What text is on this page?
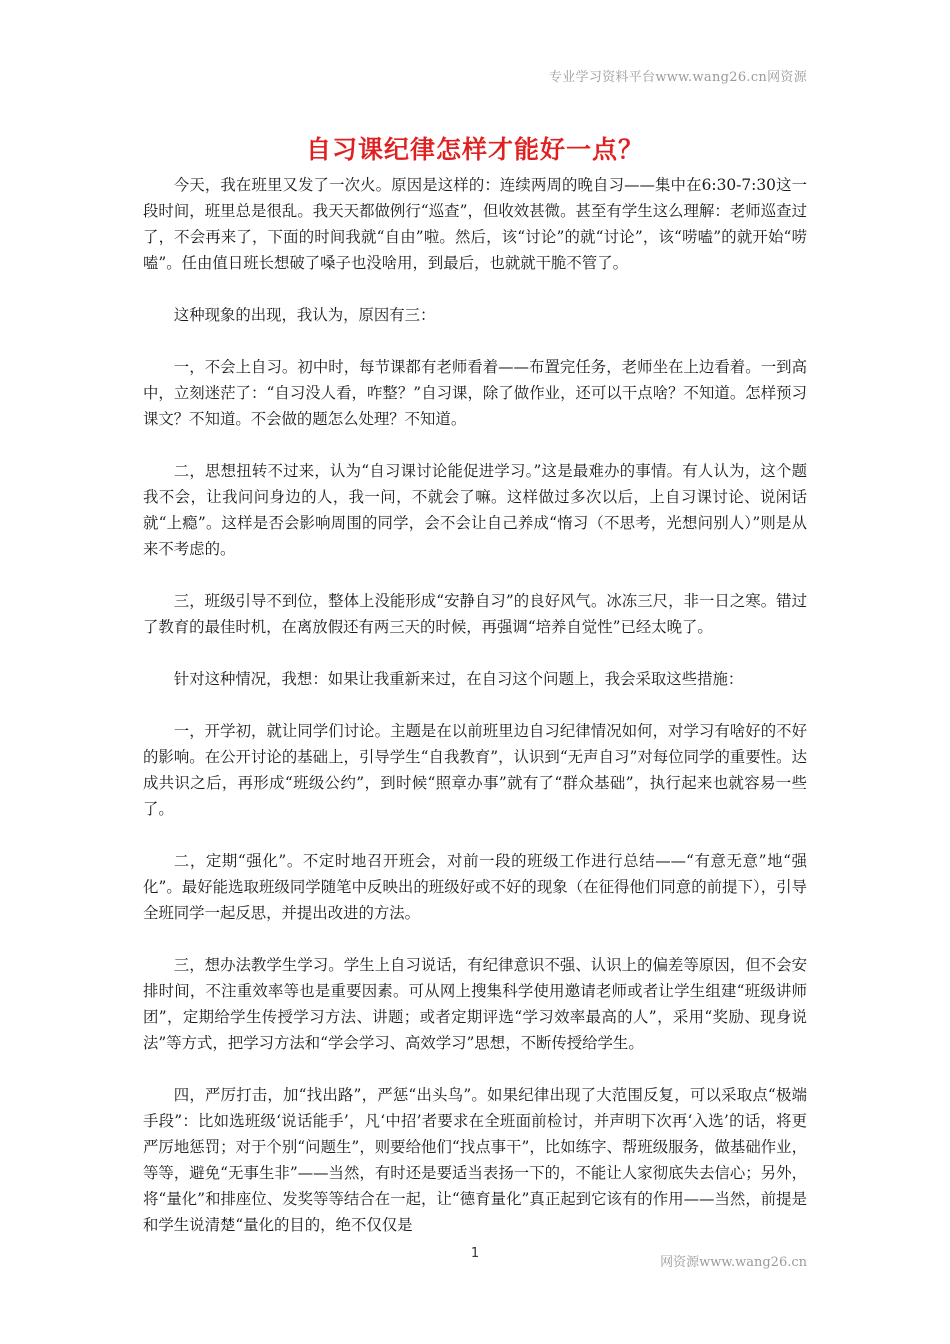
专业学习资料平台www.wang26.cn网资源
自习课纪律怎样才能好一点？

今天，我在班里又发了一次火。原因是这样的：连续两周的晚自习——集中在6:30-7:30这一段时间，班里总是很乱。我天天都做例行“巡查”，但收效甚微。甚至有学生这么理解：老师巡查过了，不会再来了，下面的时间我就“自由”啦。然后，该“讨论”的就“讨论”，该“唠嗑”的就开始“唠嗑”。任由值日班长想破了嗓子也没啥用，到最后，也就就干脆不管了。

这种现象的出现，我认为，原因有三：

一，不会上自习。初中时，每节课都有老师看着——布置完任务，老师坐在上边看着。一到高中，立刻迷茫了：“自习没人看，咋整？”自习课，除了做作业，还可以干点啥？不知道。怎样预习课文？不知道。不会做的题怎么处理？不知道。

二，思想扭转不过来，认为“自习课讨论能促进学习。”这是最难办的事情。有人认为，这个题我不会，让我问问身边的人，我一问，不就会了嘛。这样做过多次以后，上自习课讨论、说闲话就“上瘾”。这样是否会影响周围的同学，会不会让自己养成“惰习（不思考，光想问别人）”则是从来不考虑的。

三，班级引导不到位，整体上没能形成“安静自习”的良好风气。冰冻三尺，非一日之寒。错过了教育的最佳时机，在离放假还有两三天的时候，再强调“培养自觉性”已经太晚了。

针对这种情况，我想：如果让我重新来过，在自习这个问题上，我会采取这些措施：

一，开学初，就让同学们讨论。主题是在以前班里边自习纪律情况如何，对学习有啥好的不好的影响。在公开讨论的基础上，引导学生“自我教育”，认识到“无声自习”对每位同学的重要性。达成共识之后，再形成“班级公约”，到时候“照章办事”就有了“群众基础”，执行起来也就容易一些了。

二，定期“强化”。不定时地召开班会，对前一段的班级工作进行总结——“有意无意”地“强化”。最好能选取班级同学随笔中反映出的班级好或不好的现象（在征得他们同意的前提下），引导全班同学一起反思，并提出改进的方法。

三，想办法教学生学习。学生上自习说话，有纪律意识不强、认识上的偏差等原因，但不会安排时间，不注重效率等也是重要因素。可从网上搜集科学使用邀请老师或者让学生组建“班级讲师团”，定期给学生传授学习方法、讲题；或者定期评选“学习效率最高的人”，采用“奖励、现身说法”等方式，把学习方法和“学会学习、高效学习”思想，不断传授给学生。

四，严厉打击，加“找出路”，严惩“出头鸟”。如果纪律出现了大范围反复，可以采取点“极端手段”：比如选班级‘说话能手’，凡‘中招’者要求在全班面前检讨，并声明下次再‘入选’的话，将更严厉地惩罚；对于个别“问题生”，则要给他们“找点事干”，比如练字、帮班级服务，做基础作业，等等，避免“无事生非”——当然，有时还是要适当表扬一下的，不能让人家彻底失去信心；另外，将“量化”和排座位、发奖等等结合在一起，让“德育量化”真正起到它该有的作用——当然，前提是和学生说清楚“量化的目的，绝不仅仅是

1
网资源www.wang26.cn
